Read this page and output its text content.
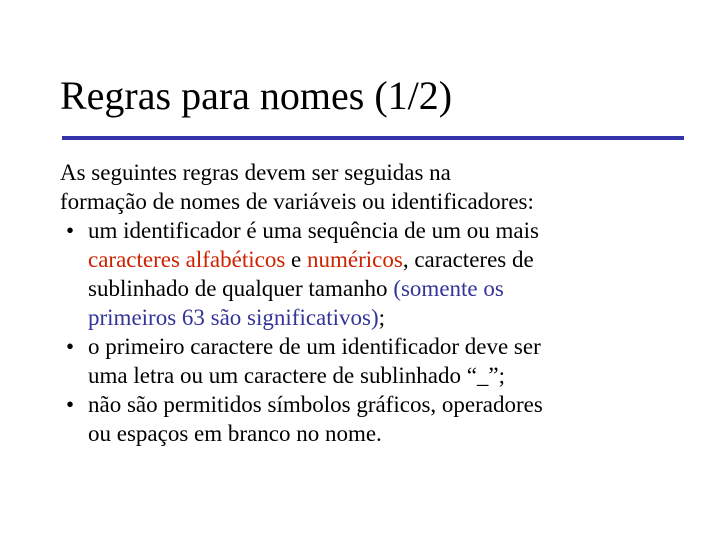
Regras para nomes (1/2)
As seguintes regras devem ser seguidas na
formação de nomes de variáveis ou identificadores:
• um identificador é uma sequência de um ou mais
caracteres alfabéticos e numéricos, caracteres de
sublinhado de qualquer tamanho (somente os
primeiros 63 são significativos);
• o primeiro caractere de um identificador deve ser
uma letra ou um caractere de sublinhado “_”;
• não são permitidos símbolos gráficos, operadores
ou espaços em branco no nome.
